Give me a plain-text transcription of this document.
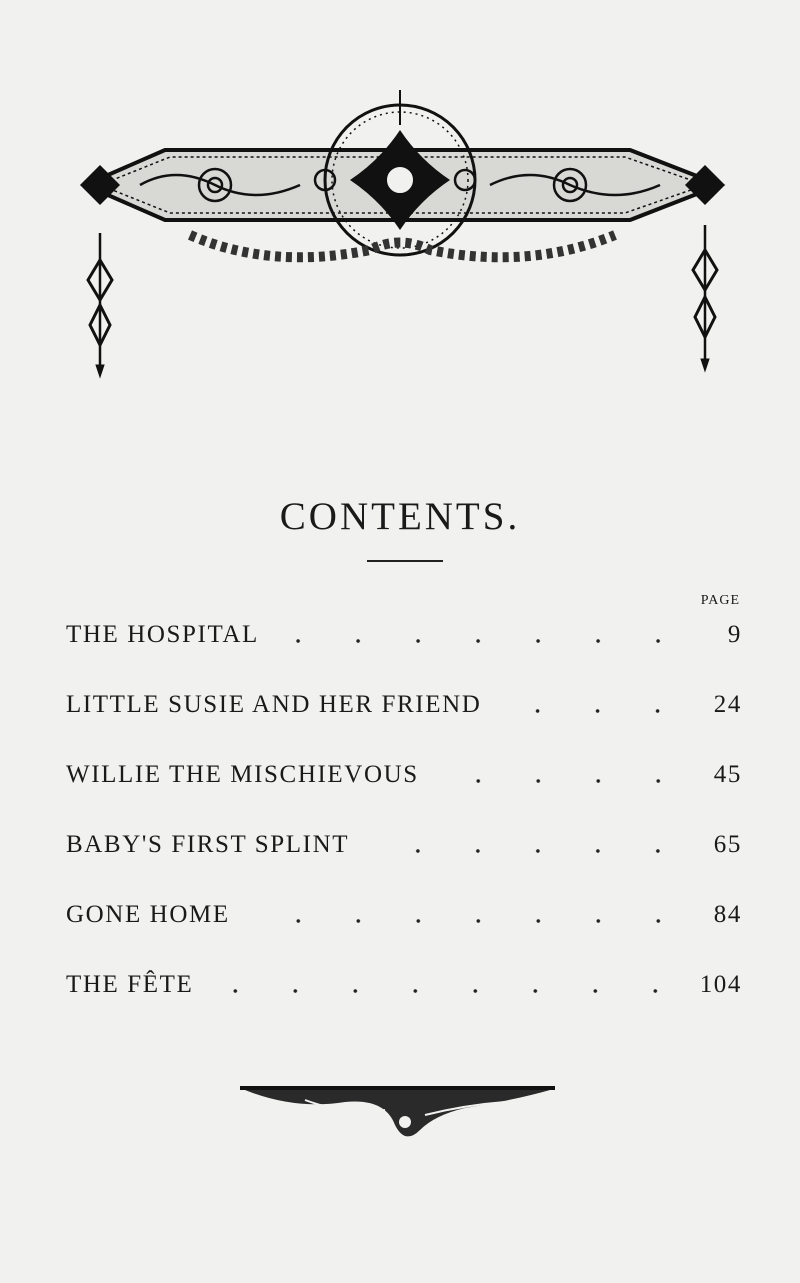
CONTENTS.
PAGE
THE HOSPITAL	9
LITTLE SUSIE AND HER FRIEND	24
WILLIE THE MISCHIEVOUS	45
BABY'S FIRST SPLINT	65
GONE HOME	84
THE FÊTE	104
